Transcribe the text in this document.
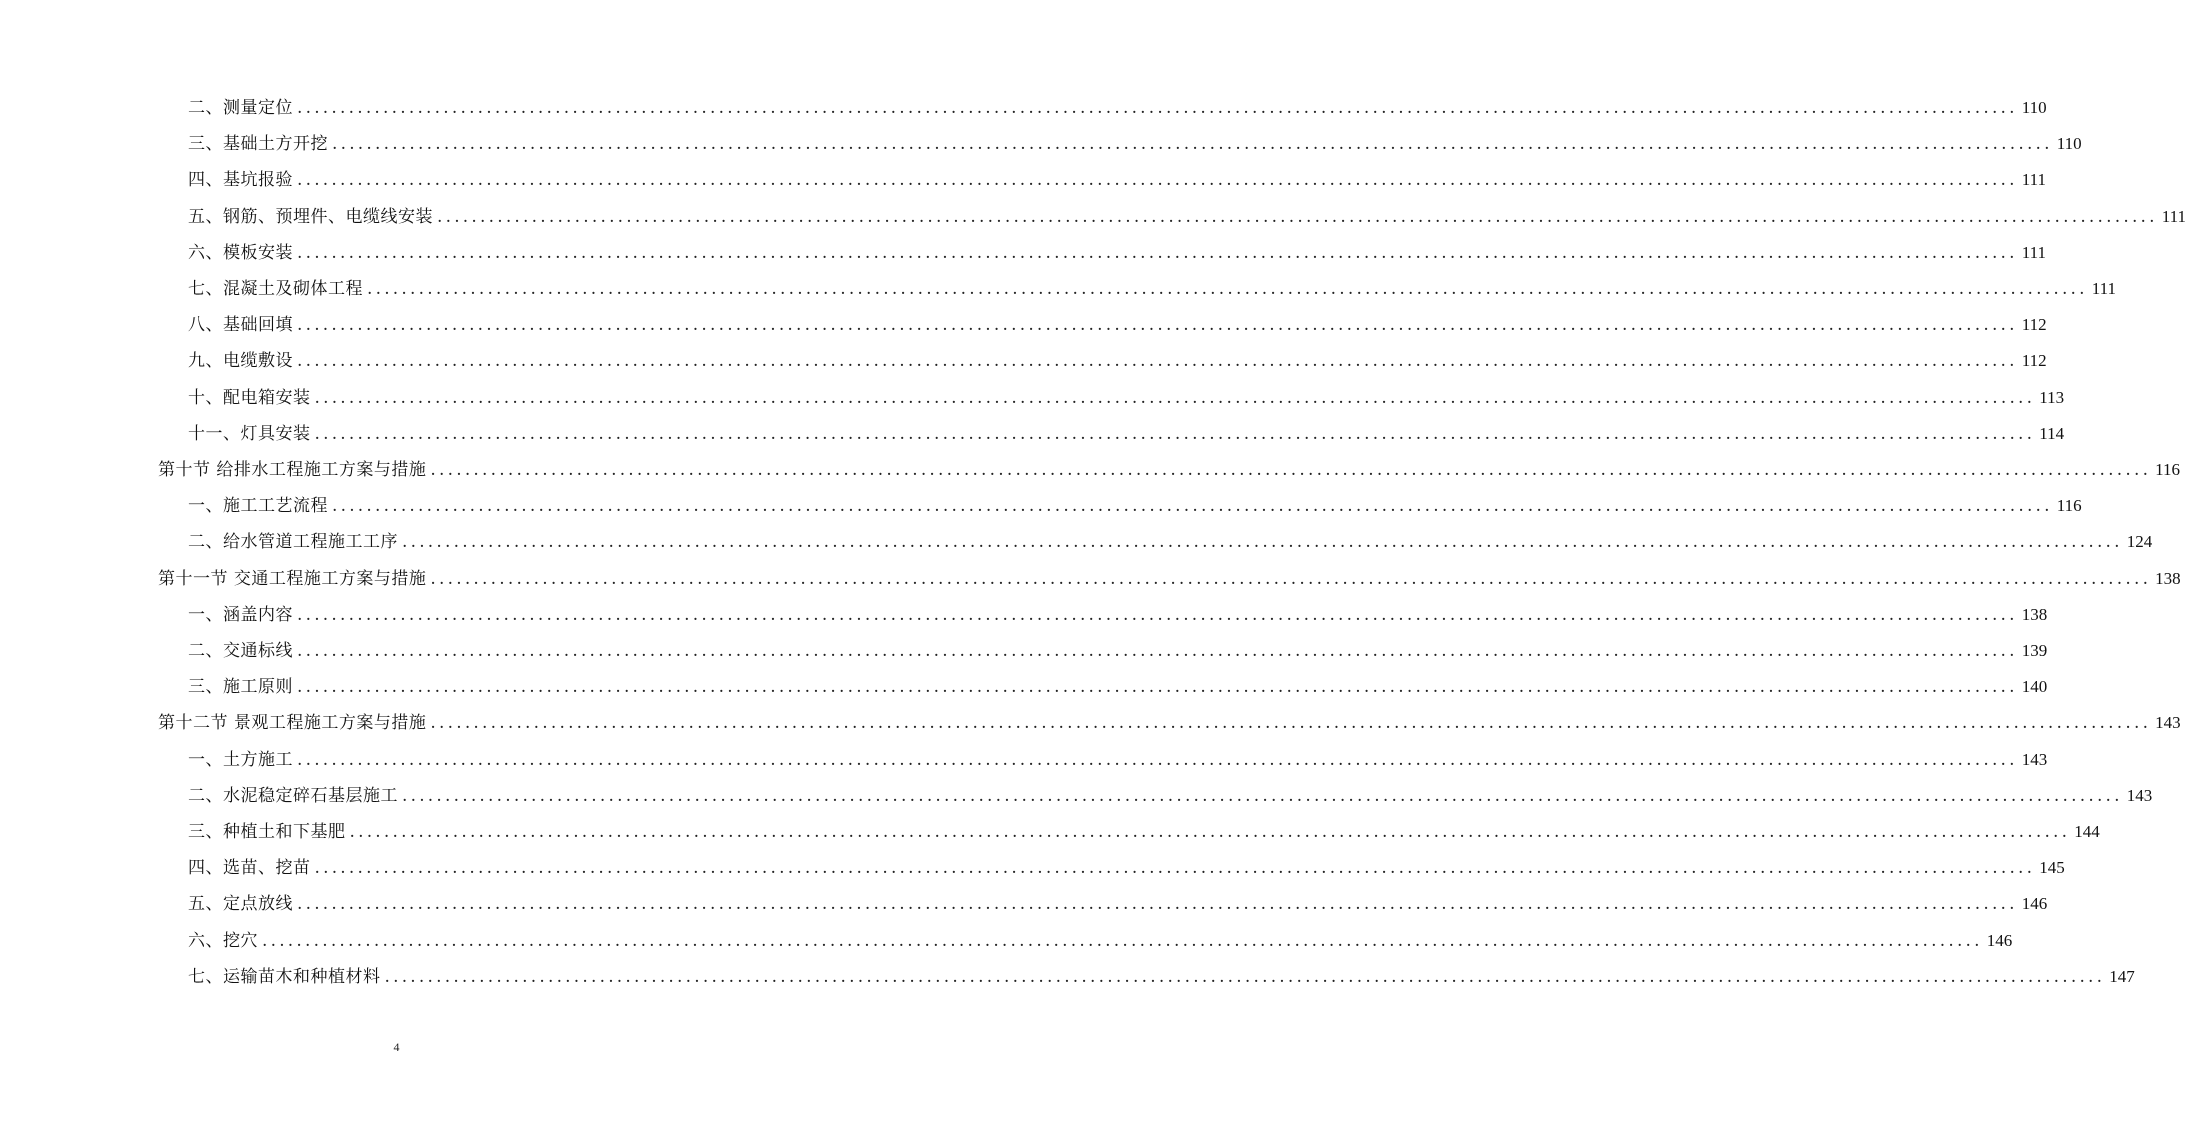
二、测量定位 ........................................................................................................................................................................................................ 110
三、基础土方开挖 ........................................................................................................................................................................................................ 110
四、基坑报验 ........................................................................................................................................................................................................ 111
五、钢筋、预埋件、电缆线安装 ........................................................................................................................................................................................................ 111
六、模板安装 ........................................................................................................................................................................................................ 111
七、混凝土及砌体工程 ........................................................................................................................................................................................................ 111
八、基础回填 ........................................................................................................................................................................................................ 112
九、电缆敷设 ........................................................................................................................................................................................................ 112
十、配电箱安装 ........................................................................................................................................................................................................ 113
十一、灯具安装 ........................................................................................................................................................................................................ 114
第十节 给排水工程施工方案与措施 ........................................................................................................................................................................................................ 116
一、施工工艺流程 ........................................................................................................................................................................................................ 116
二、给水管道工程施工工序 ........................................................................................................................................................................................................ 124
第十一节 交通工程施工方案与措施 ........................................................................................................................................................................................................ 138
一、涵盖内容 ........................................................................................................................................................................................................ 138
二、交通标线 ........................................................................................................................................................................................................ 139
三、施工原则 ........................................................................................................................................................................................................ 140
第十二节 景观工程施工方案与措施 ........................................................................................................................................................................................................ 143
一、土方施工 ........................................................................................................................................................................................................ 143
二、水泥稳定碎石基层施工 ........................................................................................................................................................................................................ 143
三、种植土和下基肥 ........................................................................................................................................................................................................ 144
四、选苗、挖苗 ........................................................................................................................................................................................................ 145
五、定点放线 ........................................................................................................................................................................................................ 146
六、挖穴 ........................................................................................................................................................................................................ 146
七、运输苗木和种植材料 ........................................................................................................................................................................................................ 147
4
